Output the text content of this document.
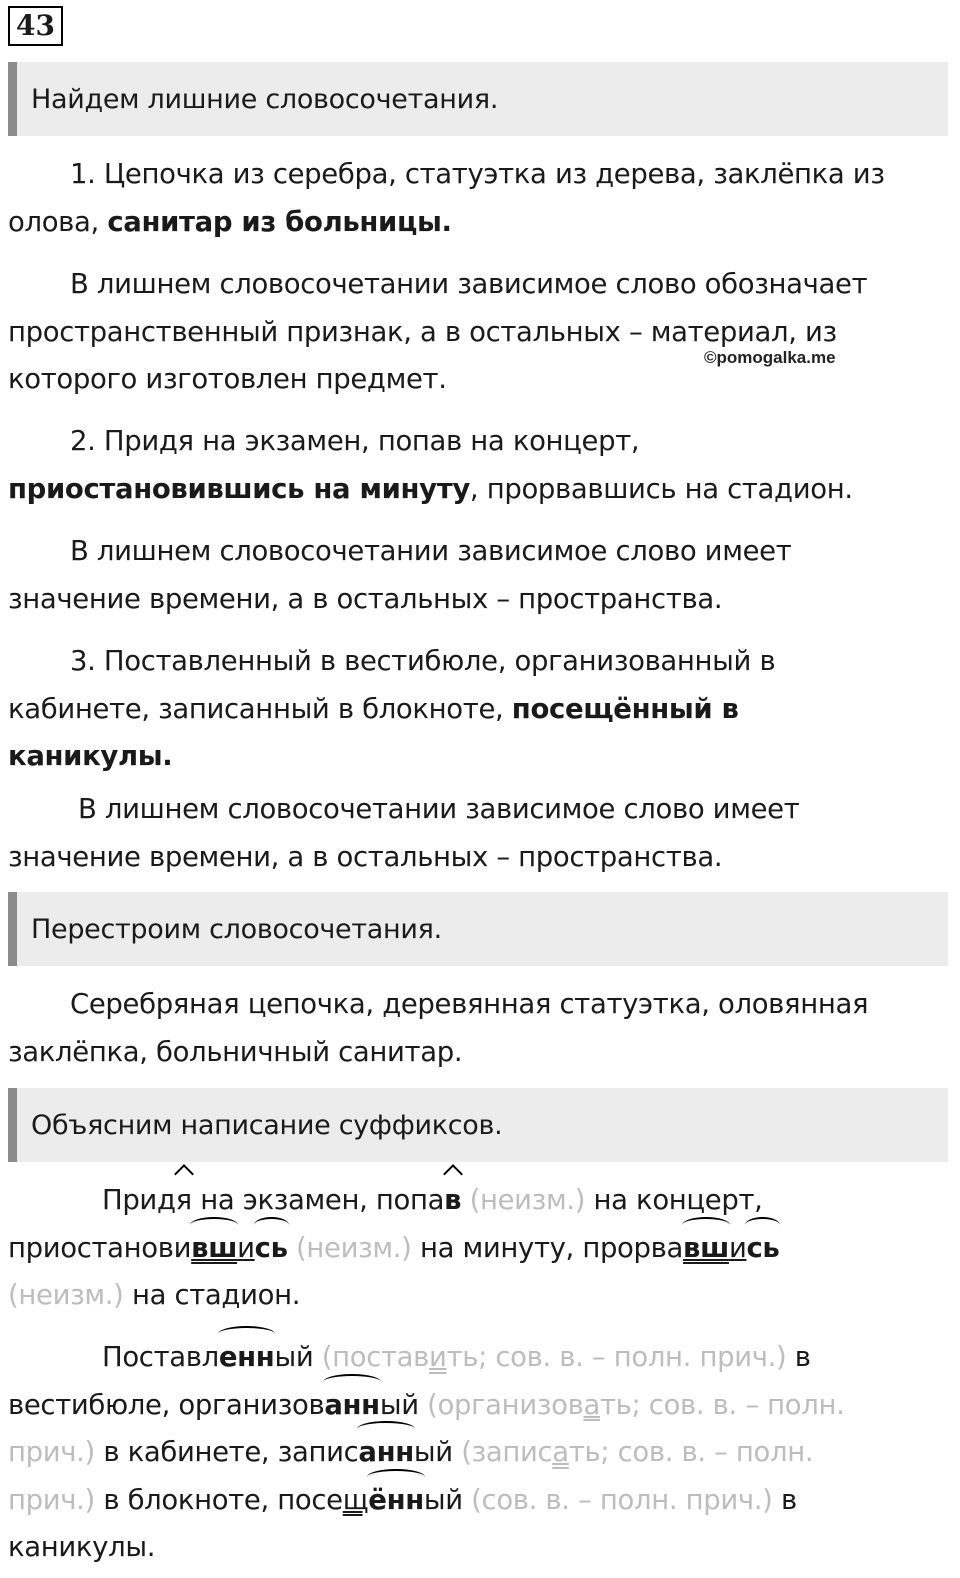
43
Найдем лишние словосочетания.
1. Цепочка из серебра, статуэтка из дерева, заклёпка из
олова, санитар из больницы.
В лишнем словосочетании зависимое слово обозначает
пространственный признак, а в остальных – материал, из
которого изготовлен предмет.
©pomogalka.me
2. Придя на экзамен, попав на концерт,
приостановившись на минуту, прорвавшись на стадион.
В лишнем словосочетании зависимое слово имеет
значение времени, а в остальных – пространства.
3. Поставленный в вестибюле, организованный в
кабинете, записанный в блокноте, посещённый в
каникулы.
В лишнем словосочетании зависимое слово имеет
значение времени, а в остальных – пространства.
Перестроим словосочетания.
Серебряная цепочка, деревянная статуэтка, оловянная
заклёпка, больничный санитар.
Объясним написание суффиксов.
Придя на экзамен, попав (неизм.) на концерт,
приостановившись (неизм.) на минуту, прорвавшись
(неизм.) на стадион.
Поставленный (поставить; сов. в. – полн. прич.) в
вестибюле, организованный (организовать; сов. в. – полн.
прич.) в кабинете, записанный (записать; сов. в. – полн.
прич.) в блокноте, посещённый (сов. в. – полн. прич.) в
каникулы.
